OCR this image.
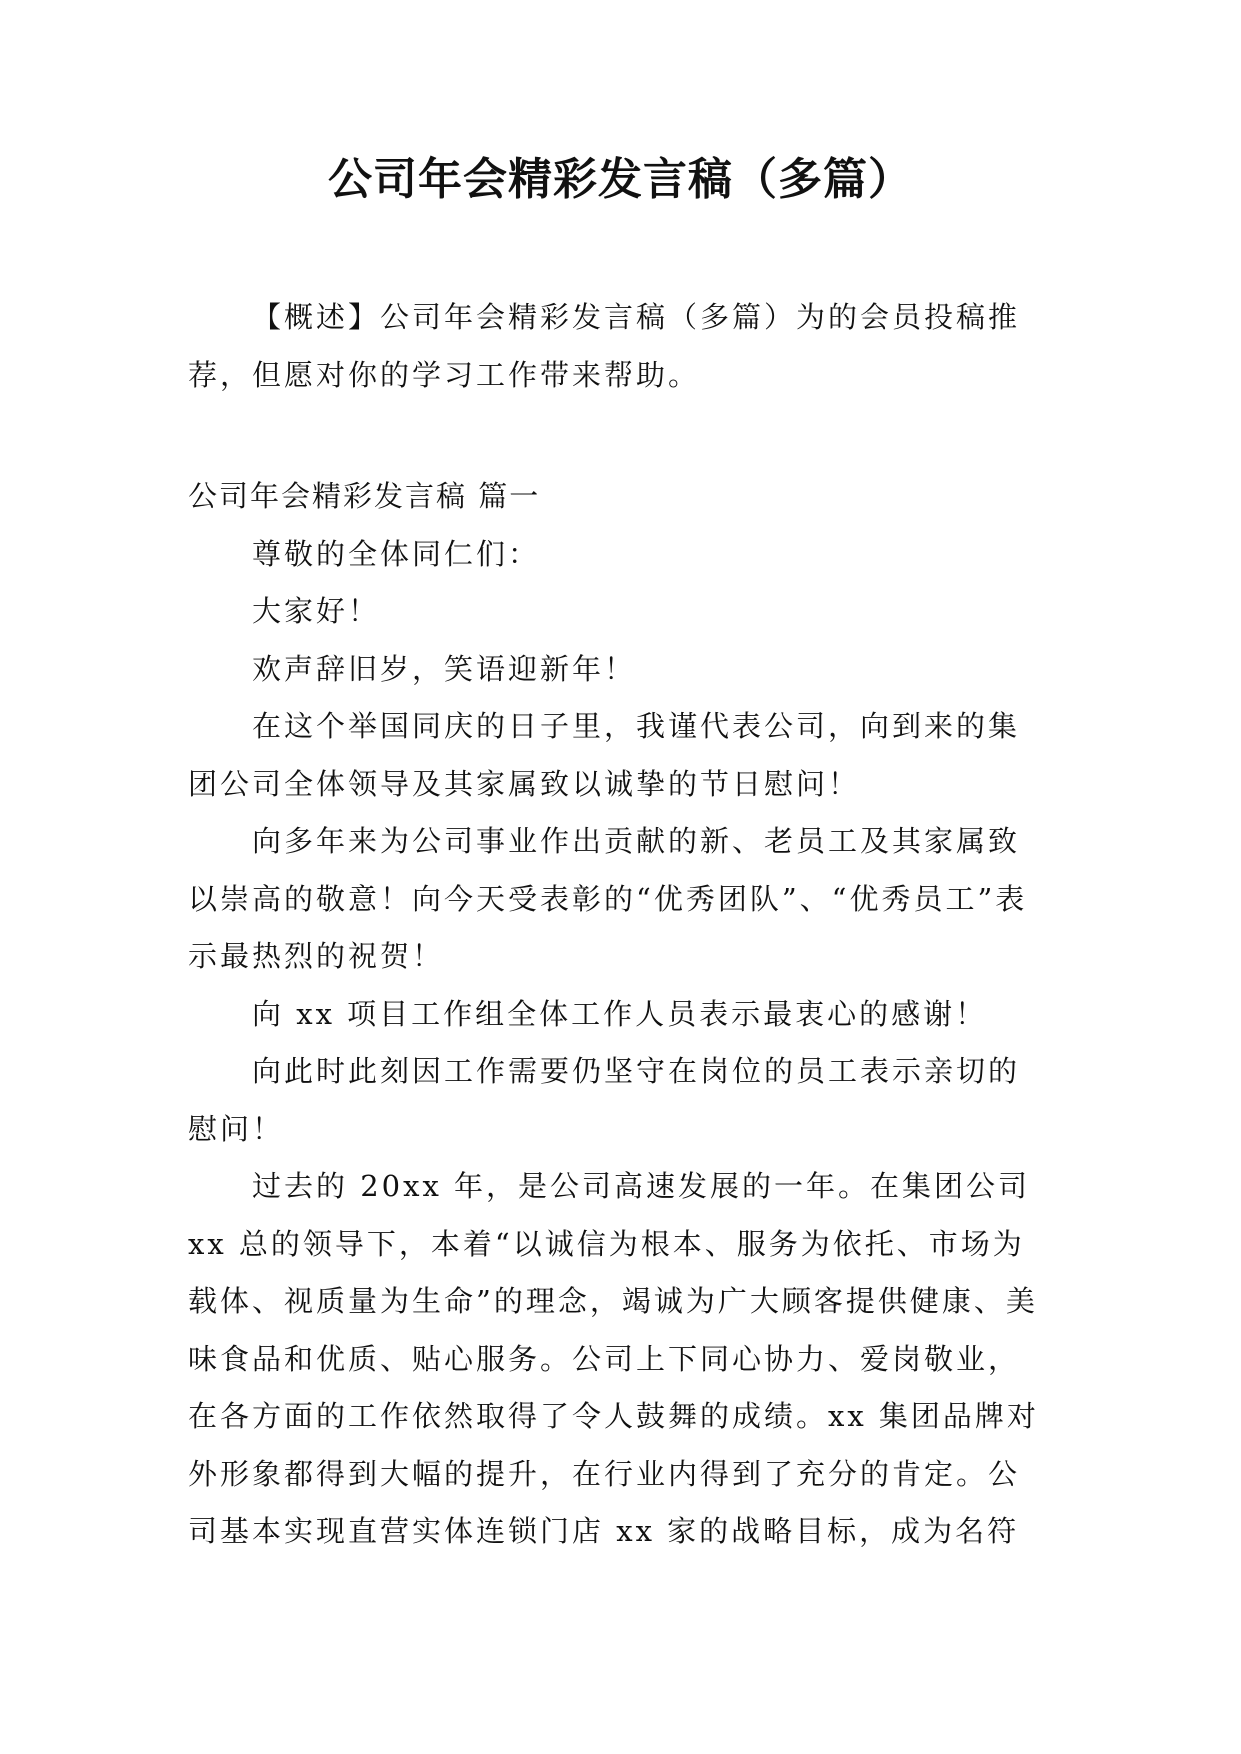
公司年会精彩发言稿（多篇）

【概述】公司年会精彩发言稿（多篇）为的会员投稿推荐，但愿对你的学习工作带来帮助。

公司年会精彩发言稿 篇一

尊敬的全体同仁们：

大家好！

欢声辞旧岁，笑语迎新年！

在这个举国同庆的日子里，我谨代表公司，向到来的集团公司全体领导及其家属致以诚挚的节日慰问！

向多年来为公司事业作出贡献的新、老员工及其家属致以崇高的敬意！向今天受表彰的“优秀团队”、“优秀员工”表示最热烈的祝贺！

向 xx 项目工作组全体工作人员表示最衷心的感谢！

向此时此刻因工作需要仍坚守在岗位的员工表示亲切的慰问！

过去的 20xx 年，是公司高速发展的一年。在集团公司 xx 总的领导下，本着“以诚信为根本、服务为依托、市场为载体、视质量为生命”的理念，竭诚为广大顾客提供健康、美味食品和优质、贴心服务。公司上下同心协力、爱岗敬业，在各方面的工作依然取得了令人鼓舞的成绩。xx 集团品牌对外形象都得到大幅的提升，在行业内得到了充分的肯定。公司基本实现直营实体连锁门店 xx 家的战略目标，成为名符
